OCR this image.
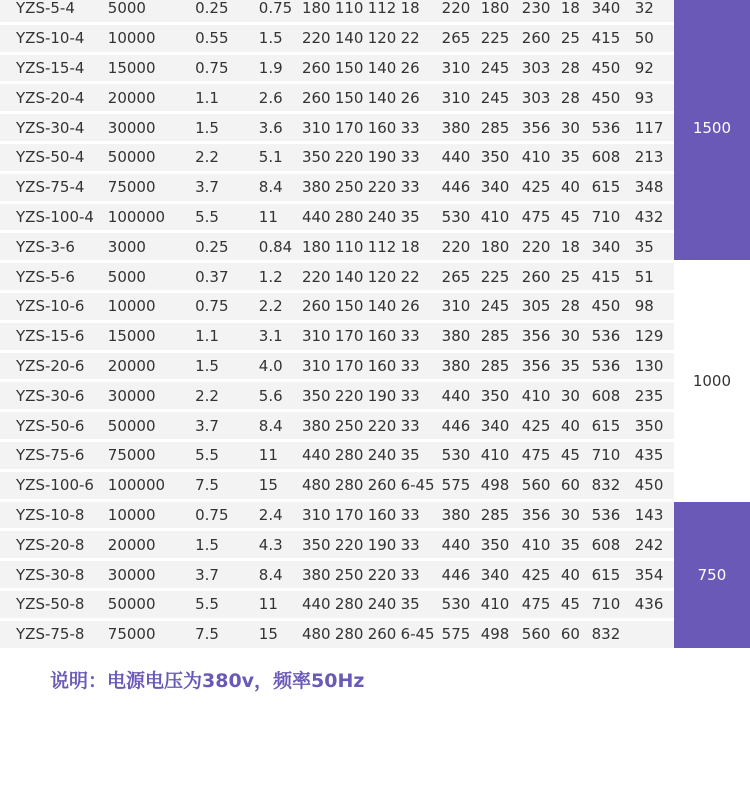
YZS-5-4	5000	0.25	0.75	180	110	112	18	220	180	230	18	340	32	1500
YZS-10-4	10000	0.55	1.5	220	140	120	22	265	225	260	25	415	50	
YZS-15-4	15000	0.75	1.9	260	150	140	26	310	245	303	28	450	92	
YZS-20-4	20000	1.1	2.6	260	150	140	26	310	245	303	28	450	93	
YZS-30-4	30000	1.5	3.6	310	170	160	33	380	285	356	30	536	117	
YZS-50-4	50000	2.2	5.1	350	220	190	33	440	350	410	35	608	213	
YZS-75-4	75000	3.7	8.4	380	250	220	33	446	340	425	40	615	348	
YZS-100-4	100000	5.5	11	440	280	240	35	530	410	475	45	710	432	
YZS-3-6	3000	0.25	0.84	180	110	112	18	220	180	220	18	340	35	
YZS-5-6	5000	0.37	1.2	220	140	120	22	265	225	260	25	415	51	1000
YZS-10-6	10000	0.75	2.2	260	150	140	26	310	245	305	28	450	98	
YZS-15-6	15000	1.1	3.1	310	170	160	33	380	285	356	30	536	129	
YZS-20-6	20000	1.5	4.0	310	170	160	33	380	285	356	35	536	130	
YZS-30-6	30000	2.2	5.6	350	220	190	33	440	350	410	30	608	235	
YZS-50-6	50000	3.7	8.4	380	250	220	33	446	340	425	40	615	350	
YZS-75-6	75000	5.5	11	440	280	240	35	530	410	475	45	710	435	
YZS-100-6	100000	7.5	15	480	280	260	6-45	575	498	560	60	832	450	
YZS-10-8	10000	0.75	2.4	310	170	160	33	380	285	356	30	536	143	750
YZS-20-8	20000	1.5	4.3	350	220	190	33	440	350	410	35	608	242	
YZS-30-8	30000	3.7	8.4	380	250	220	33	446	340	425	40	615	354	
YZS-50-8	50000	5.5	11	440	280	240	35	530	410	475	45	710	436	
YZS-75-8	75000	7.5	15	480	280	260	6-45	575	498	560	60	832		
说明：电源电压为380v，频率50Hz
